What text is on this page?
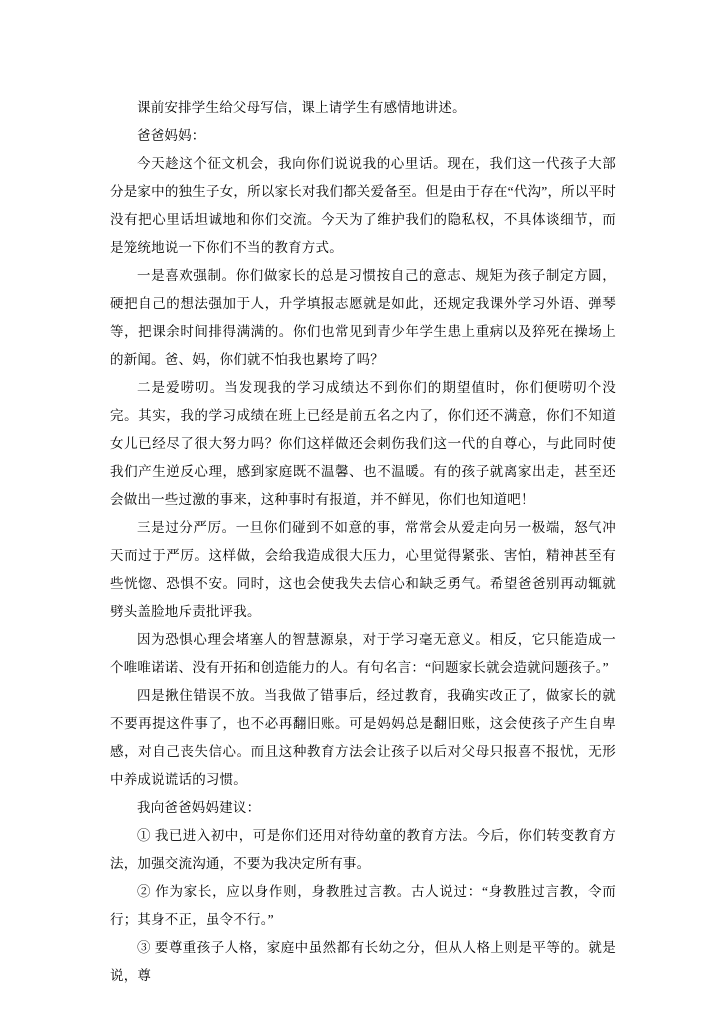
课前安排学生给父母写信，课上请学生有感情地讲述。

爸爸妈妈：

今天趁这个征文机会，我向你们说说我的心里话。现在，我们这一代孩子大部分是家中的独生子女，所以家长对我们都关爱备至。但是由于存在“代沟”，所以平时没有把心里话坦诚地和你们交流。今天为了维护我们的隐私权，不具体谈细节，而是笼统地说一下你们不当的教育方式。

一是喜欢强制。你们做家长的总是习惯按自己的意志、规矩为孩子制定方圆，硬把自己的想法强加于人，升学填报志愿就是如此，还规定我课外学习外语、弹琴等，把课余时间排得满满的。你们也常见到青少年学生患上重病以及猝死在操场上的新闻。爸、妈，你们就不怕我也累垮了吗？

二是爱唠叨。当发现我的学习成绩达不到你们的期望值时，你们便唠叨个没完。其实，我的学习成绩在班上已经是前五名之内了，你们还不满意，你们不知道女儿已经尽了很大努力吗？你们这样做还会刺伤我们这一代的自尊心，与此同时使我们产生逆反心理，感到家庭既不温馨、也不温暖。有的孩子就离家出走，甚至还会做出一些过激的事来，这种事时有报道，并不鲜见，你们也知道吧！

三是过分严厉。一旦你们碰到不如意的事，常常会从爱走向另一极端，怒气冲天而过于严厉。这样做，会给我造成很大压力，心里觉得紧张、害怕，精神甚至有些恍惚、恐惧不安。同时，这也会使我失去信心和缺乏勇气。希望爸爸别再动辄就劈头盖脸地斥责批评我。

因为恐惧心理会堵塞人的智慧源泉，对于学习毫无意义。相反，它只能造成一个唯唯诺诺、没有开拓和创造能力的人。有句名言：“问题家长就会造就问题孩子。”

四是揪住错误不放。当我做了错事后，经过教育，我确实改正了，做家长的就不要再提这件事了，也不必再翻旧账。可是妈妈总是翻旧账，这会使孩子产生自卑感，对自己丧失信心。而且这种教育方法会让孩子以后对父母只报喜不报忧，无形中养成说谎话的习惯。

我向爸爸妈妈建议：

① 我已进入初中，可是你们还用对待幼童的教育方法。今后，你们转变教育方法，加强交流沟通，不要为我决定所有事。

② 作为家长，应以身作则，身教胜过言教。古人说过：“身教胜过言教，令而行；其身不正，虽令不行。”

③ 要尊重孩子人格，家庭中虽然都有长幼之分，但从人格上则是平等的。就是说，尊
